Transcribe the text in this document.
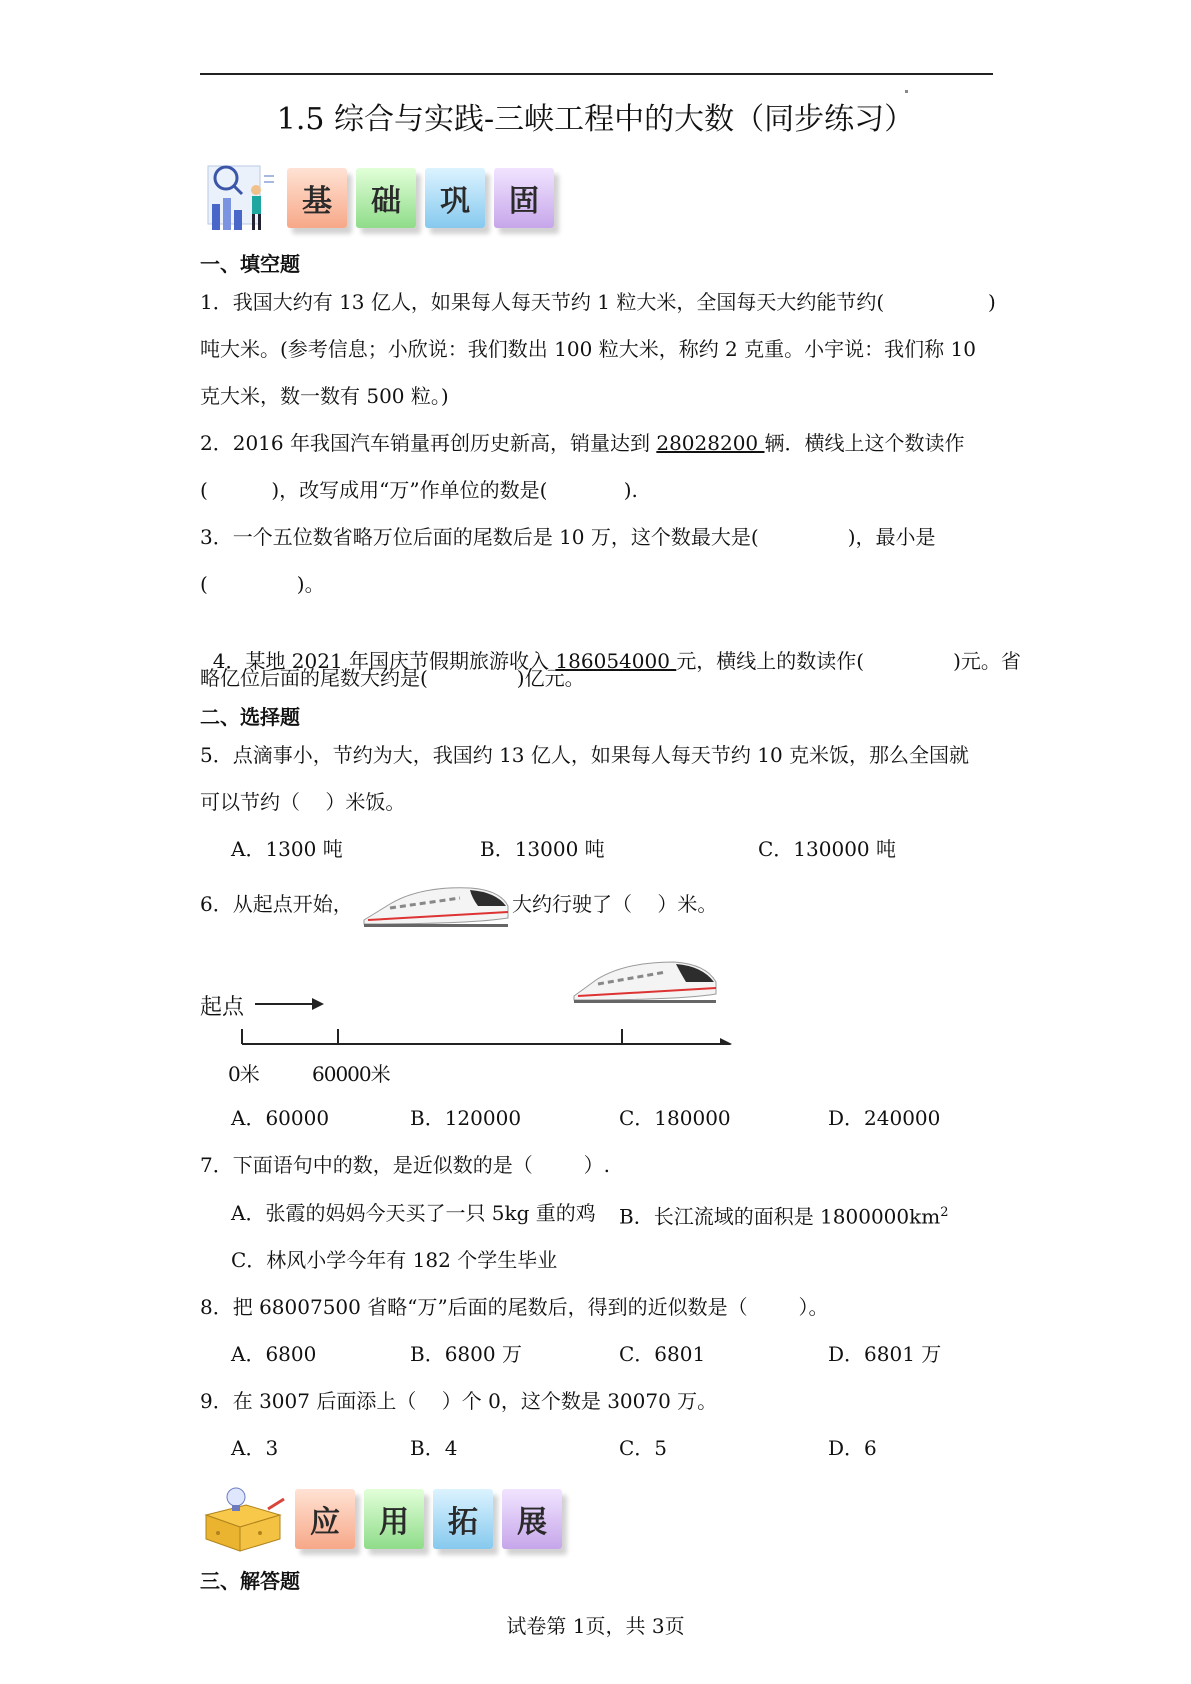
1.5 综合与实践-三峡工程中的大数（同步练习）
基	础	巩	固
一、填空题
1．我国大约有 13 亿人，如果每人每天节约 1 粒大米，全国每天大约能节约(	)
吨大米。(参考信息；小欣说：我们数出 100 粒大米，称约 2 克重。小宇说：我们称 10
克大米，数一数有 500 粒。)
2．2016 年我国汽车销量再创历史新高，销量达到 28028200 辆．横线上这个数读作
(          )，改写成用“万”作单位的数是(            ).
3．一个五位数省略万位后面的尾数后是 10 万，这个数最大是(              )，最小是
(              )。

4．某地 2021 年国庆节假期旅游收入 186054000 元，横线上的数读作(              )元。省

略亿位后面的尾数大约是(              )亿元。
二、选择题
5．点滴事小，节约为大，我国约 13 亿人，如果每人每天节约 10 克米饭，那么全国就
可以节约（    ）米饭。
A．1300 吨	B．13000 吨	C．130000 吨
6．从起点开始，	大约行驶了（    ）米。
起点
0米	60000米
A．60000	B．120000	C．180000	D．240000
7．下面语句中的数，是近似数的是（        ）.
A．张霞的妈妈今天买了一只 5kg 重的鸡 B．长江流域的面积是 $1800000km^2$
C．林风小学今年有 182 个学生毕业
8．把 68007500 省略“万”后面的尾数后，得到的近似数是（        ）。
A．6800	B．6800 万	C．6801	D．6801 万
9．在 3007 后面添上（    ）个 0，这个数是 30070 万。
A．3	B．4	C．5	D．6
应	用	拓	展
三、解答题
试卷第 1页，共 3页
